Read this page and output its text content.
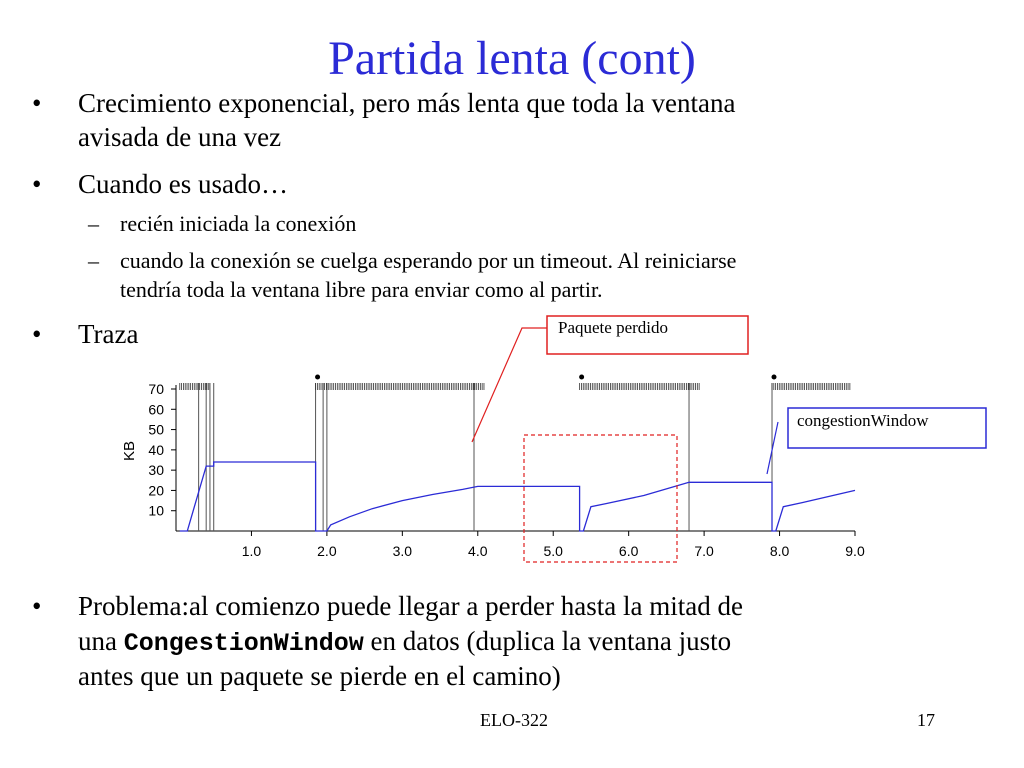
Partida lenta (cont)
• Crecimiento exponencial, pero más lenta que toda la ventana
avisada de una vez
• Cuando es usado…
– recién iniciada la conexión
– cuando la conexión se cuelga esperando por un timeout. Al reiniciarse
tendría toda la ventana libre para enviar como al partir.
• Traza
70
60
50
40
30
20
10
1.0	2.0	3.0	4.0	5.0	6.0	7.0	8.0	9.0
KB
Paquete perdido
congestionWindow
• Problema:al comienzo puede llegar a perder hasta la mitad de
una CongestionWindow en datos (duplica la ventana justo
antes que un paquete se pierde en el camino)
ELO-322	17
